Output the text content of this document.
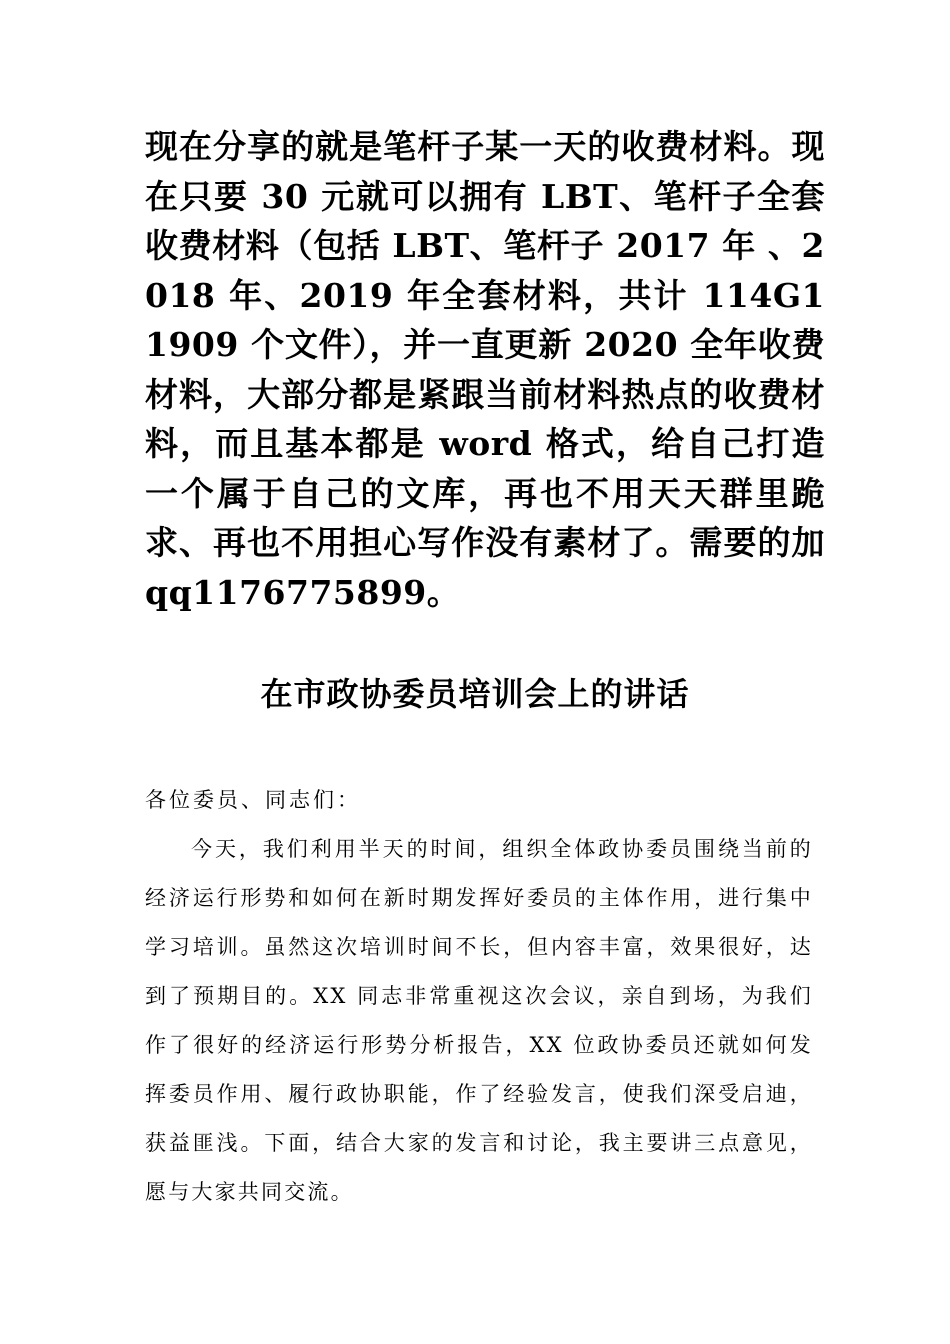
现在分享的就是笔杆子某一天的收费材料。现在只要 30 元就可以拥有 LBT、笔杆子全套收费材料（包括 LBT、笔杆子 2017 年 、2018 年、2019 年全套材料，共计 114G11909 个文件），并一直更新 2020 全年收费材料，大部分都是紧跟当前材料热点的收费材料，而且基本都是 word 格式，给自己打造一个属于自己的文库，再也不用天天群里跪求、再也不用担心写作没有素材了。需要的加 qq1176775899。
在市政协委员培训会上的讲话
各位委员、同志们：

今天，我们利用半天的时间，组织全体政协委员围绕当前的经济运行形势和如何在新时期发挥好委员的主体作用，进行集中学习培训。虽然这次培训时间不长，但内容丰富，效果很好，达到了预期目的。XX 同志非常重视这次会议，亲自到场，为我们作了很好的经济运行形势分析报告，XX 位政协委员还就如何发挥委员作用、履行政协职能，作了经验发言，使我们深受启迪，获益匪浅。下面，结合大家的发言和讨论，我主要讲三点意见，愿与大家共同交流。
